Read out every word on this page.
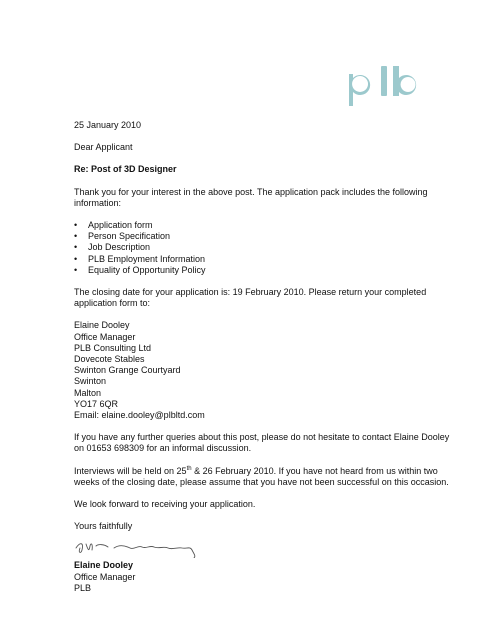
25 January 2010

Dear Applicant

Re: Post of 3D Designer

Thank you for your interest in the above post. The application pack includes the following information:

• Application form
• Person Specification
• Job Description
• PLB Employment Information
• Equality of Opportunity Policy

The closing date for your application is: 19 February 2010. Please return your completed application form to:

Elaine Dooley

Office Manager

PLB Consulting Ltd

Dovecote Stables

Swinton Grange Courtyard

Swinton

Malton

YO17 6QR

Email: elaine.dooley@plbltd.com

If you have any further queries about this post, please do not hesitate to contact Elaine Dooley on 01653 698309 for an informal discussion.

Interviews will be held on 25th & 26 February 2010. If you have not heard from us within two weeks of the closing date, please assume that you have not been successful on this occasion.

We look forward to receiving your application.

Yours faithfully

Elaine Dooley

Office Manager

PLB
